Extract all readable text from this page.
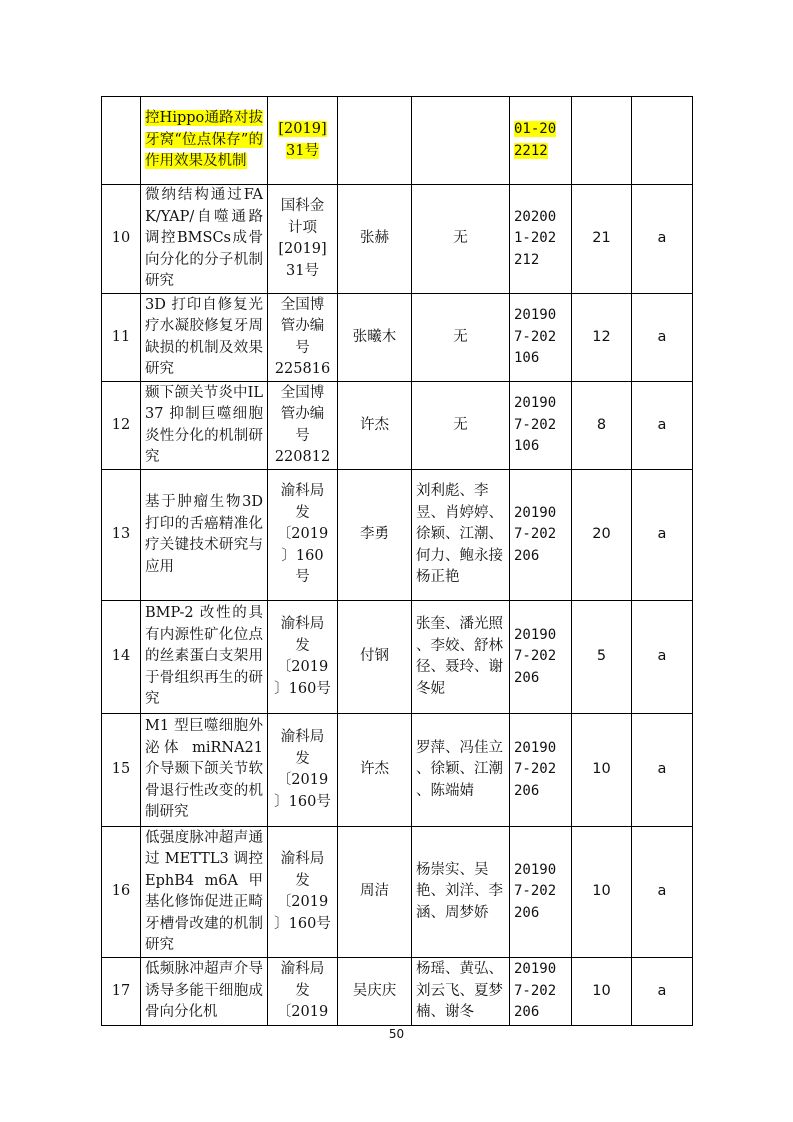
	控Hippo通路对拔牙窝“位点保存”的作用效果及机制	[2019]
31号			01-20
2212		
10	微纳结构通过FAK/YAP/自噬通路调控BMSCs成骨向分化的分子机制研究	国科金
计项
[2019]
31号	张赫	无	20200
1-202
212	21	a
11	3D 打印自修复光疗水凝胶修复牙周缺损的机制及效果研究	全国博
管办编
号
225816	张曦木	无	20190
7-202
106	12	a
12	颞下颌关节炎中IL37 抑制巨噬细胞炎性分化的机制研究	全国博
管办编
号
220812	许杰	无	20190
7-202
106	8	a
13	基于肿瘤生物3D 打印的舌癌精准化疗关键技术研究与应用	渝科局
发
〔2019
〕160
号	李勇	刘利彪、李昱、肖婷婷、徐颖、江潮、何力、鲍永接
杨正艳	20190
7-202
206	20	a
14	BMP-2 改性的具有内源性矿化位点的丝素蛋白支架用于骨组织再生的研究	渝科局
发
〔2019
〕160号	付钢	张奎、潘光照 、李姣、舒林径、聂玲、谢冬妮	20190
7-202
206	5	a
15	M1 型巨噬细胞外泌体 miRNA21介导颞下颌关节软骨退行性改变的机制研究	渝科局
发
〔2019
〕160号	许杰	罗萍、冯佳立 、徐颖、江潮 、陈端婧	20190
7-202
206	10	a
16	低强度脉冲超声通过 METTL3 调控EphB4 m6A 甲基化修饰促进正畸牙槽骨改建的机制研究	渝科局
发
〔2019
〕160号	周洁	杨崇实、吴艳、刘洋、李涵、周梦娇	20190
7-202
206	10	a
17	低频脉冲超声介导诱导多能干细胞成骨向分化机	渝科局
发
〔2019	吴庆庆	杨瑶、黄弘、刘云飞、夏梦楠、谢冬	20190
7-202
206	10	a
50
